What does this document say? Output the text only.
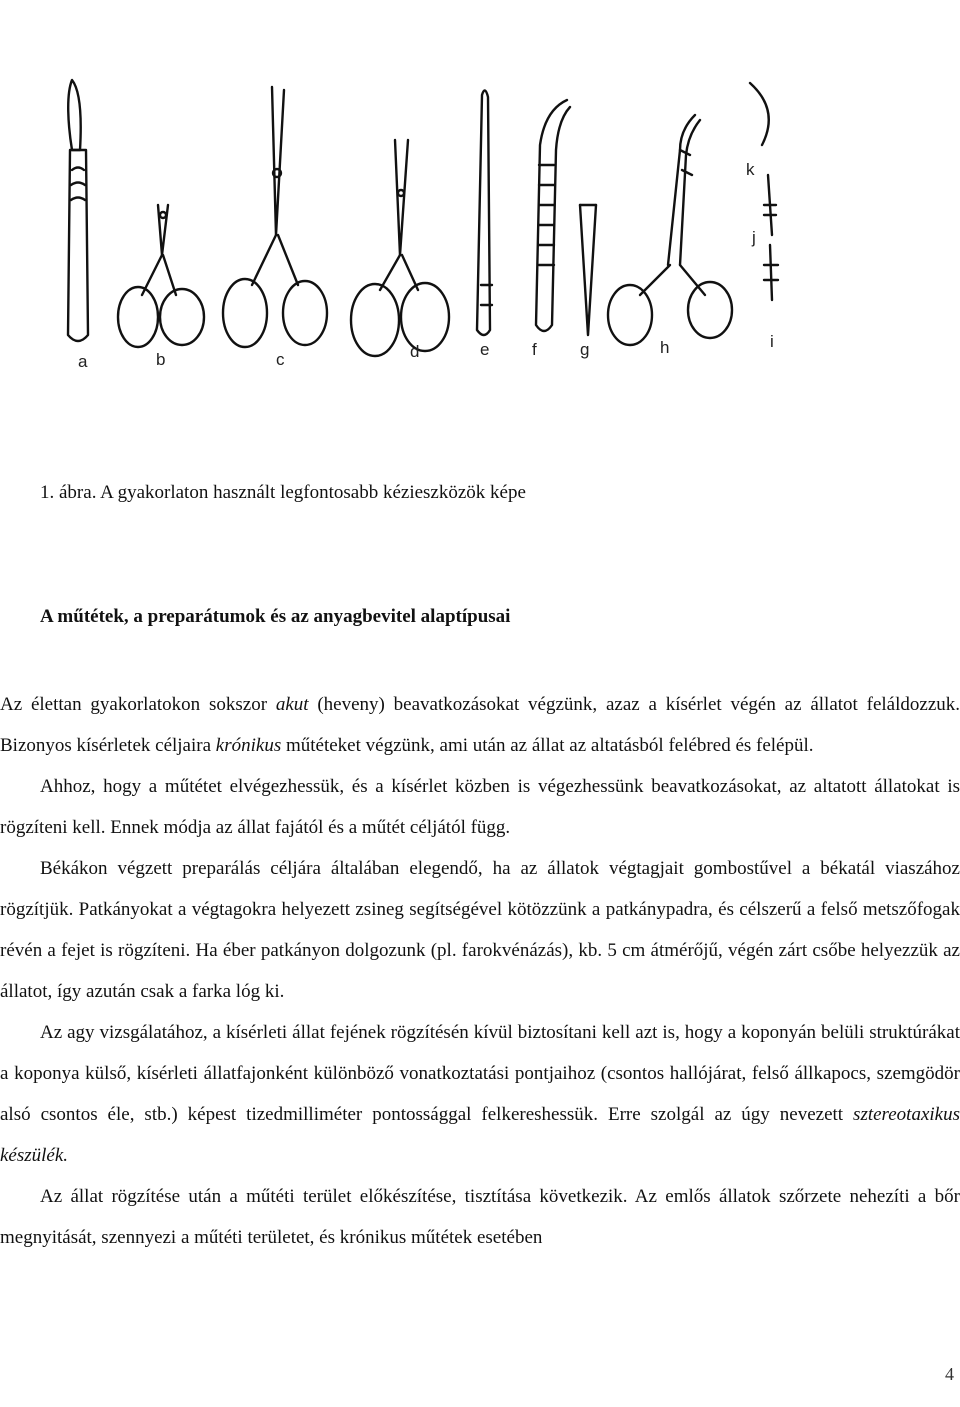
a	b	c	d	e	f	g	h	i
j
k
1. ábra. A gyakorlaton használt legfontosabb kézieszközök képe
A műtétek, a preparátumok és az anyagbevitel alaptípusai

Az élettan gyakorlatokon sokszor akut (heveny) beavatkozásokat végzünk, azaz a kísérlet végén az állatot feláldozzuk. Bizonyos kísérletek céljaira krónikus műtéteket végzünk, ami után az állat az altatásból felébred és felépül.

Ahhoz, hogy a műtétet elvégezhessük, és a kísérlet közben is végezhessünk beavatkozásokat, az altatott állatokat is rögzíteni kell. Ennek módja az állat fajától és a műtét céljától függ.

Békákon végzett preparálás céljára általában elegendő, ha az állatok végtagjait gombostűvel a békatál viaszához rögzítjük. Patkányokat a végtagokra helyezett zsineg segítségével kötözzünk a patkánypadra, és célszerű a felső metszőfogak révén a fejet is rögzíteni. Ha éber patkányon dolgozunk (pl. farokvénázás), kb. 5 cm átmérőjű, végén zárt csőbe helyezzük az állatot, így azután csak a farka lóg ki.

Az agy vizsgálatához, a kísérleti állat fejének rögzítésén kívül biztosítani kell azt is, hogy a koponyán belüli struktúrákat a koponya külső, kísérleti állatfajonként különböző vonatkoztatási pontjaihoz (csontos hallójárat, felső állkapocs, szemgödör alsó csontos éle, stb.) képest tizedmilliméter pontossággal felkereshessük. Erre szolgál az úgy nevezett sztereotaxikus készülék.

Az állat rögzítése után a műtéti terület előkészítése, tisztítása következik. Az emlős állatok szőrzete nehezíti a bőr megnyitását, szennyezi a műtéti területet, és krónikus műtétek esetében

4
